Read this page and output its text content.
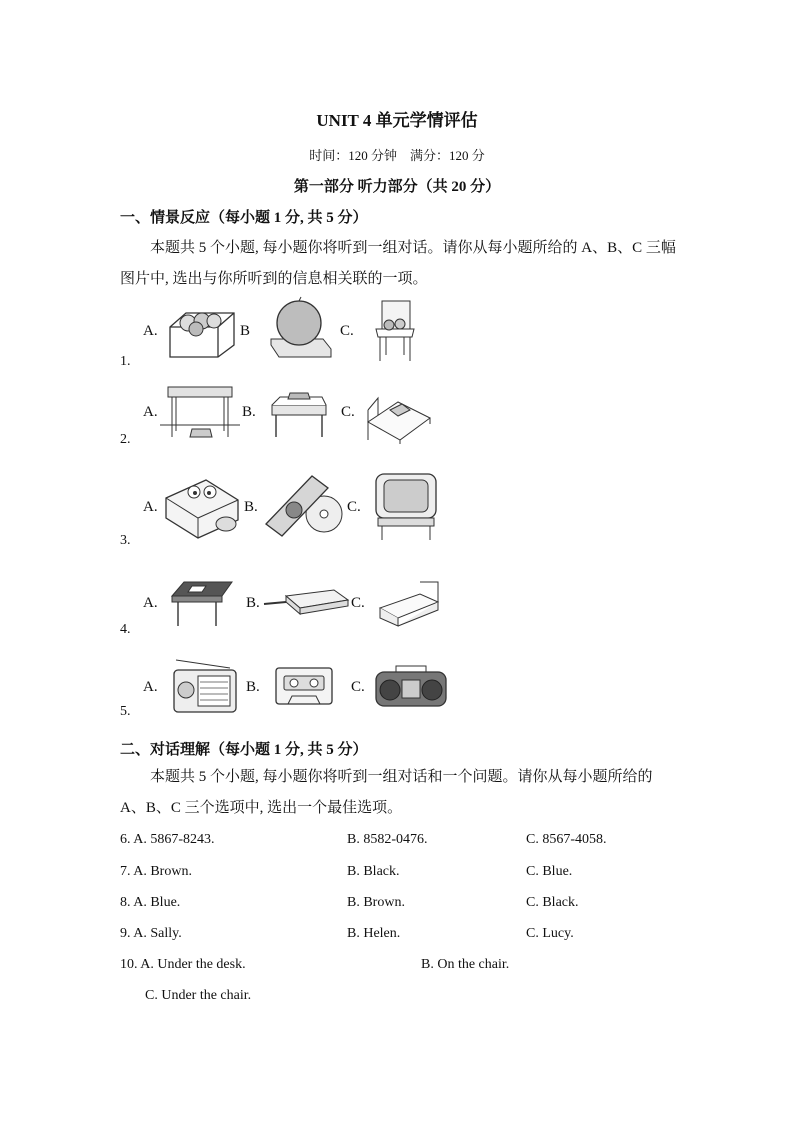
UNIT 4 单元学情评估
时间：120 分钟　满分：120 分
第一部分 听力部分（共 20 分）
一、情景反应（每小题 1 分, 共 5 分）
本题共 5 个小题, 每小题你将听到一组对话。请你从每小题所给的 A、B、C 三幅图片中, 选出与你所听到的信息相关联的一项。
1.
A.	B	C.
2.
A.	B.	C.
3.
A.	B.	C.
4.
A.	B.	C.
5.
A.	B.	C.
二、对话理解（每小题 1 分, 共 5 分）
本题共 5 个小题, 每小题你将听到一组对话和一个问题。请你从每小题所给的 A、B、C 三个选项中, 选出一个最佳选项。
6. A. 5867-8243.	B. 8582-0476.	C. 8567-4058.
7. A. Brown.	B. Black.	C. Blue.
8. A. Blue.	B. Brown.	C. Black.
9. A. Sally.	B. Helen.	C. Lucy.
10. A. Under the desk.	B. On the chair.
C. Under the chair.
